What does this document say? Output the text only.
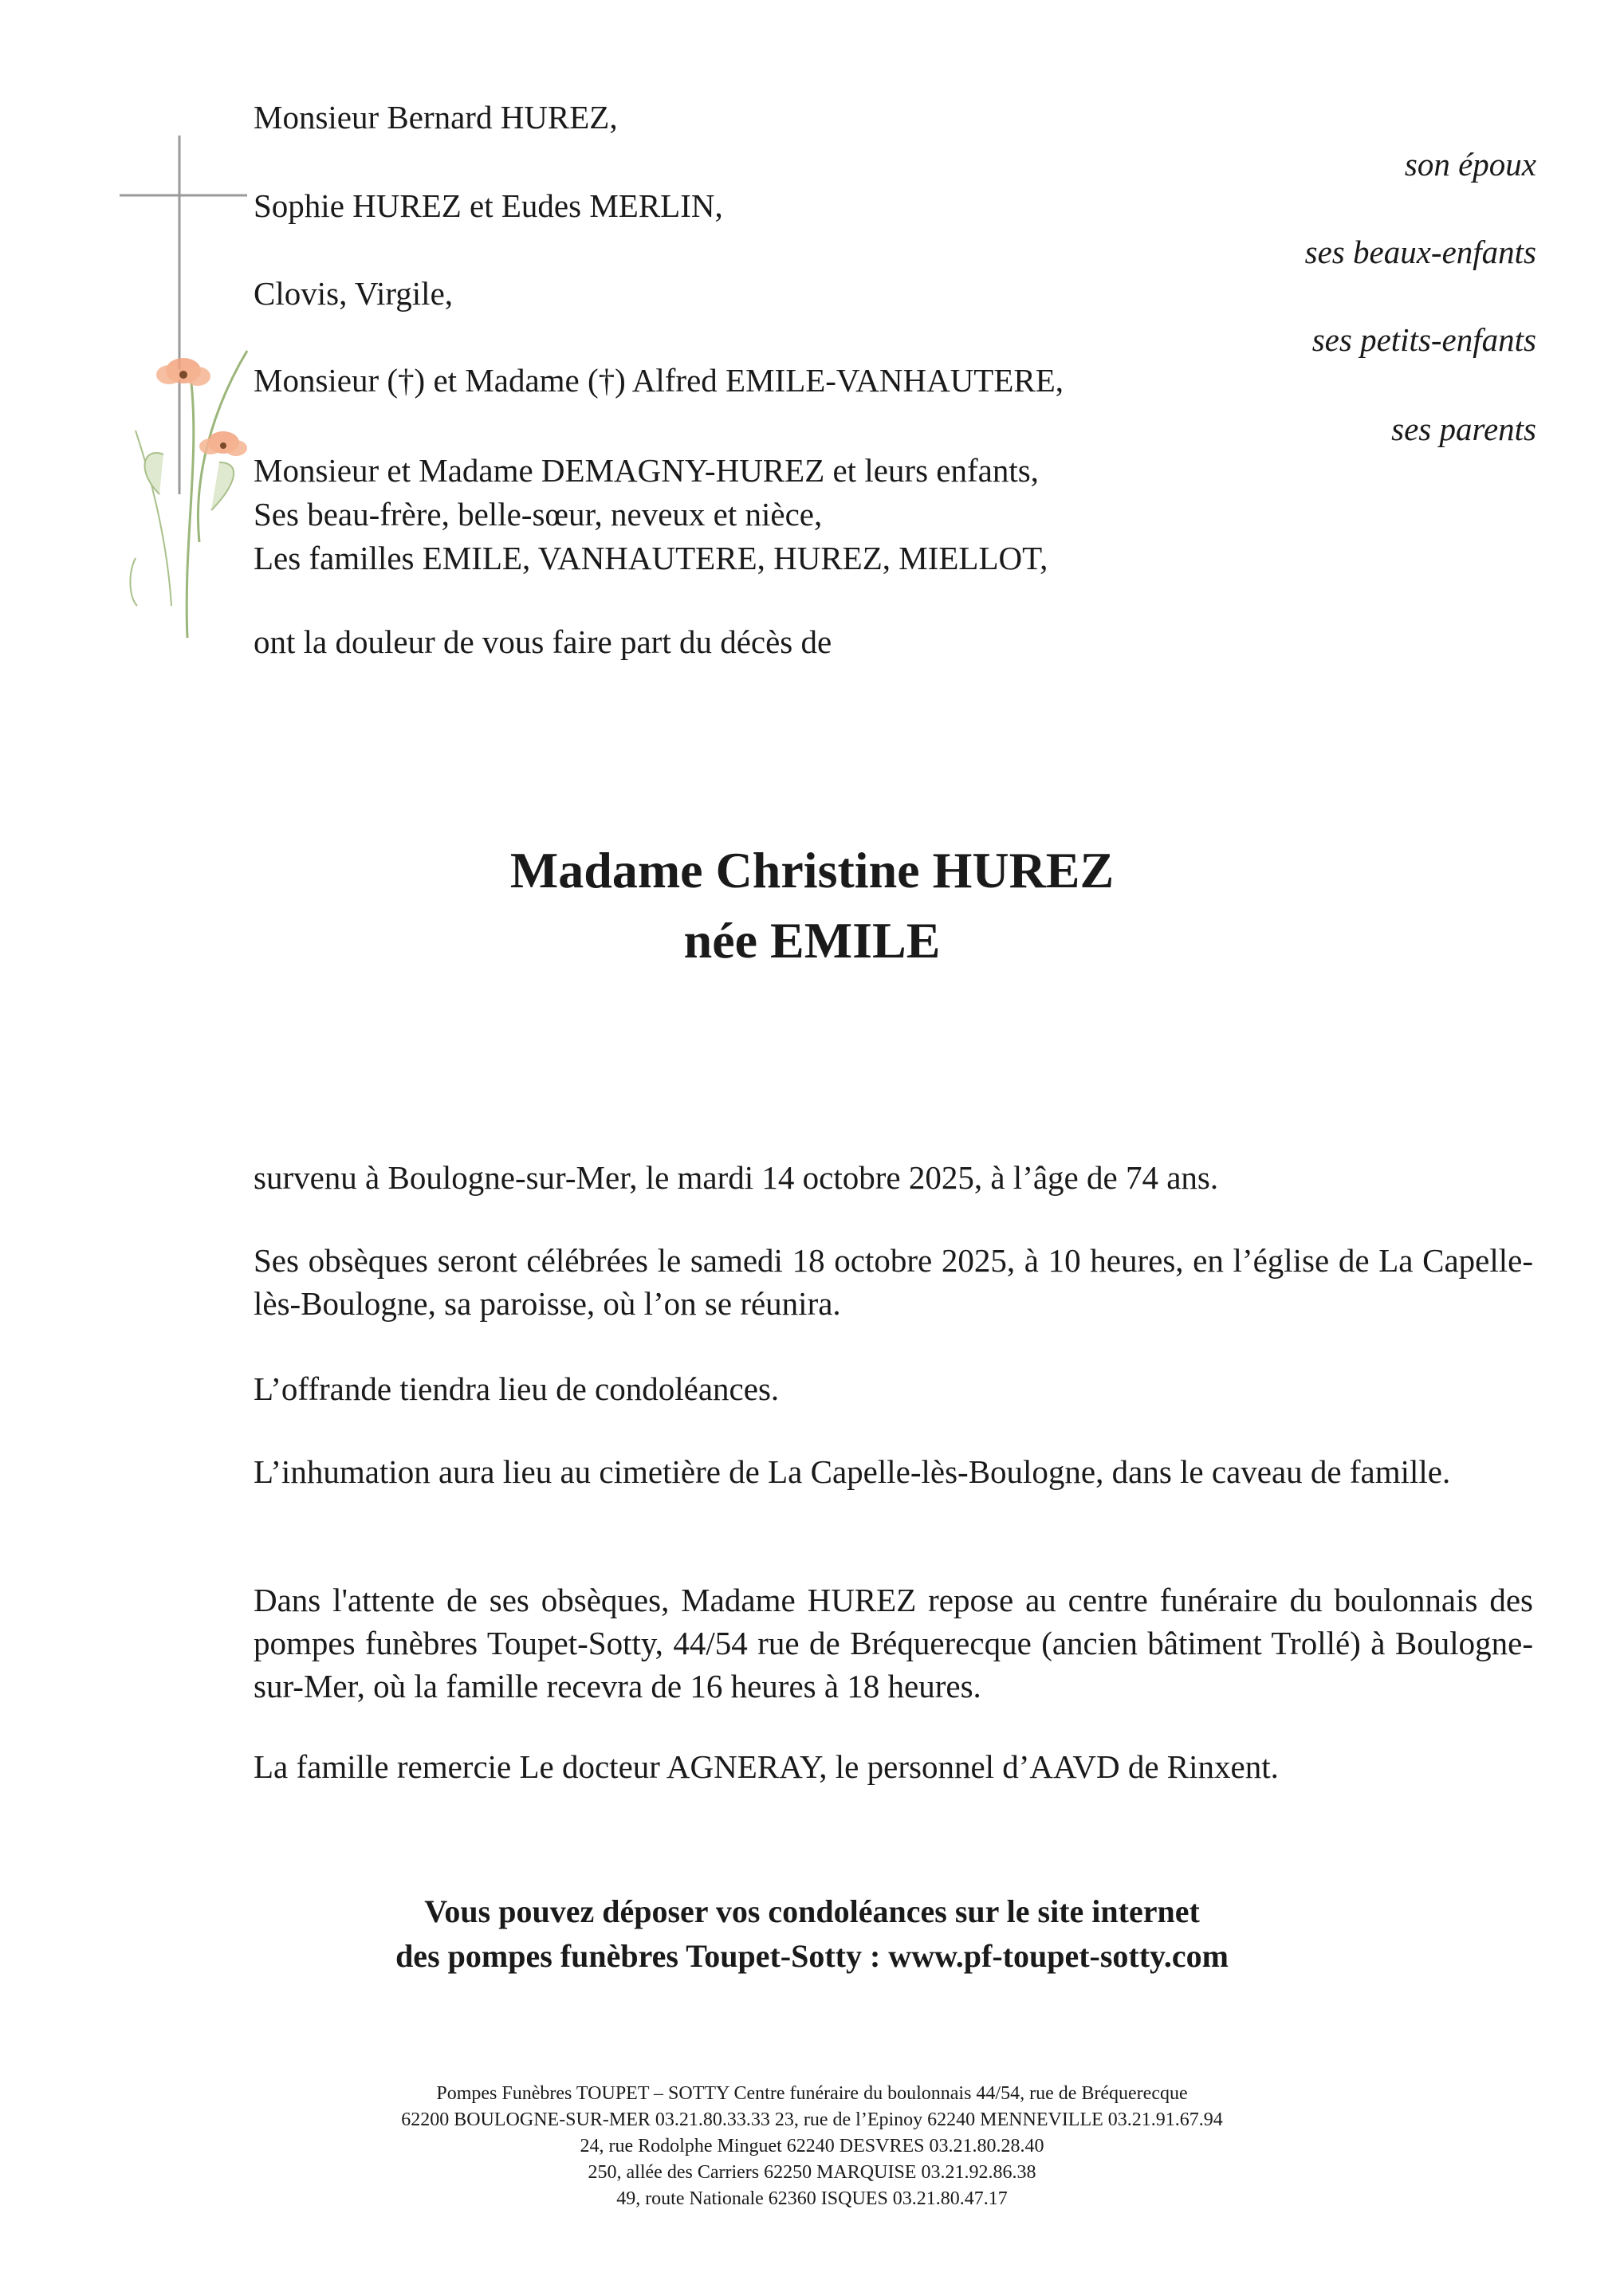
Monsieur Bernard HUREZ,
Sophie HUREZ et Eudes MERLIN,
Clovis, Virgile,
Monsieur (†) et Madame (†) Alfred EMILE-VANHAUTERE,
Monsieur et Madame DEMAGNY-HUREZ et leurs enfants,
Ses beau-frère, belle-sœur, neveux et nièce,
Les familles EMILE, VANHAUTERE, HUREZ, MIELLOT,
son époux
ses beaux-enfants
ses petits-enfants
ses parents
ont la douleur de vous faire part du décès de
Madame Christine HUREZ
née EMILE
survenu à Boulogne-sur-Mer, le mardi 14 octobre 2025, à l’âge de 74 ans.
Ses obsèques seront célébrées le samedi 18 octobre 2025, à 10 heures, en l’église de La Capelle-lès-Boulogne, sa paroisse, où l’on se réunira.
L’offrande tiendra lieu de condoléances.
L’inhumation aura lieu au cimetière de La Capelle-lès-Boulogne, dans le caveau de famille.
Dans l'attente de ses obsèques, Madame HUREZ repose au centre funéraire du boulonnais des pompes funèbres Toupet-Sotty, 44/54 rue de Bréquerecque (ancien bâtiment Trollé) à Boulogne-sur-Mer, où la famille recevra de 16 heures à 18 heures.
La famille remercie Le docteur AGNERAY, le personnel d’AAVD de Rinxent.
Vous pouvez déposer vos condoléances sur le site internet
des pompes funèbres Toupet-Sotty : www.pf-toupet-sotty.com
Pompes Funèbres TOUPET – SOTTY Centre funéraire du boulonnais 44/54, rue de Bréquerecque
62200 BOULOGNE-SUR-MER 03.21.80.33.33 23, rue de l’Epinoy 62240 MENNEVILLE 03.21.91.67.94
24, rue Rodolphe Minguet 62240 DESVRES 03.21.80.28.40
250, allée des Carriers 62250 MARQUISE 03.21.92.86.38
49, route Nationale 62360 ISQUES 03.21.80.47.17
